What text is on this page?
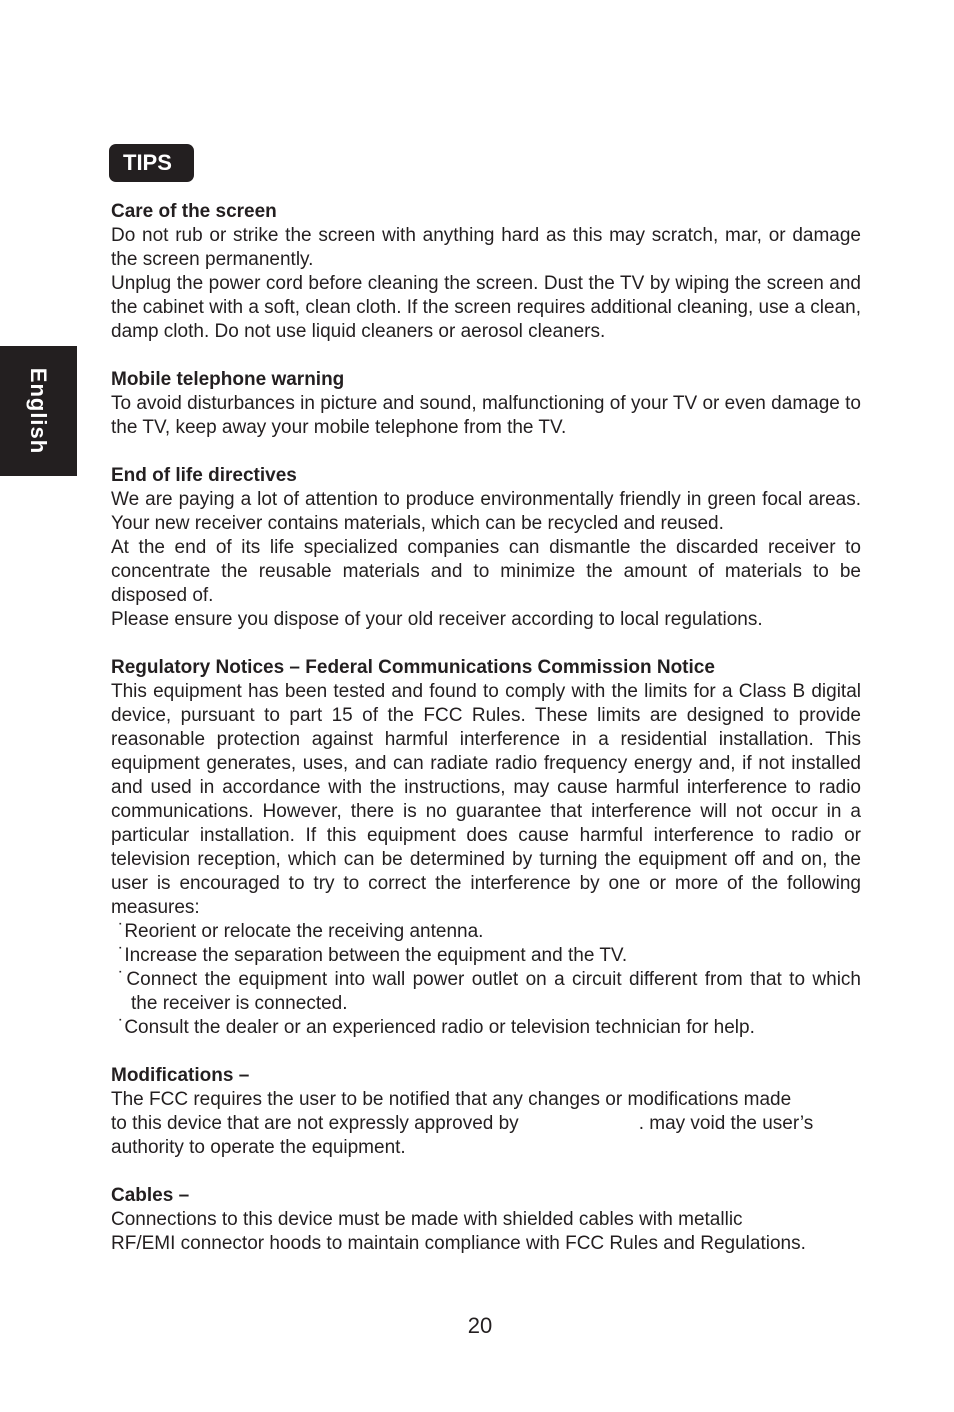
TIPS
English
Care of the screen

Do not rub or strike the screen with anything hard as this may scratch, mar, or damage the screen permanently.

Unplug the power cord before cleaning the screen. Dust the TV by wiping the screen and the cabinet with a soft, clean cloth. If the screen requires additional cleaning, use a clean, damp cloth. Do not use liquid cleaners or aerosol cleaners.

Mobile telephone warning

To avoid disturbances in picture and sound, malfunctioning of your TV or even damage to the TV, keep away your mobile telephone from the TV.

End of life directives

We are paying a lot of attention to produce environmentally friendly in green focal areas. Your new receiver contains materials, which can be recycled and reused.

At the end of its life specialized companies can dismantle the discarded receiver to concentrate the reusable materials and to minimize the amount of materials to be disposed of.

Please ensure you dispose of your old receiver according to local regulations.

Regulatory Notices – Federal Communications Commission Notice

This equipment has been tested and found to comply with the limits for a Class B digital device, pursuant to part 15 of the FCC Rules. These limits are designed to provide reasonable protection against harmful interference in a residential installation. This equipment generates, uses, and can radiate radio frequency energy and, if not installed and used in accordance with the instructions, may cause harmful interference to radio communications. However, there is no guarantee that interference will not occur in a particular installation. If this equipment does cause harmful interference to radio or television reception, which can be determined by turning the equipment off and on, the user is encouraged to try to correct the interference by one or more of the following measures:

˙Reorient or relocate the receiving antenna.
˙Increase the separation between the equipment and the TV.
˙Connect the equipment into wall power outlet on a circuit different from that to which the receiver is connected.
˙Consult the dealer or an experienced radio or television technician for help.
Modifications –
The FCC requires the user to be notified that any changes or modifications made
to this device that are not expressly approved by	. may void the user’s
authority to operate the equipment.
Cables –
Connections to this device must be made with shielded cables with metallic
RF/EMI connector hoods to maintain compliance with FCC Rules and Regulations.
20
